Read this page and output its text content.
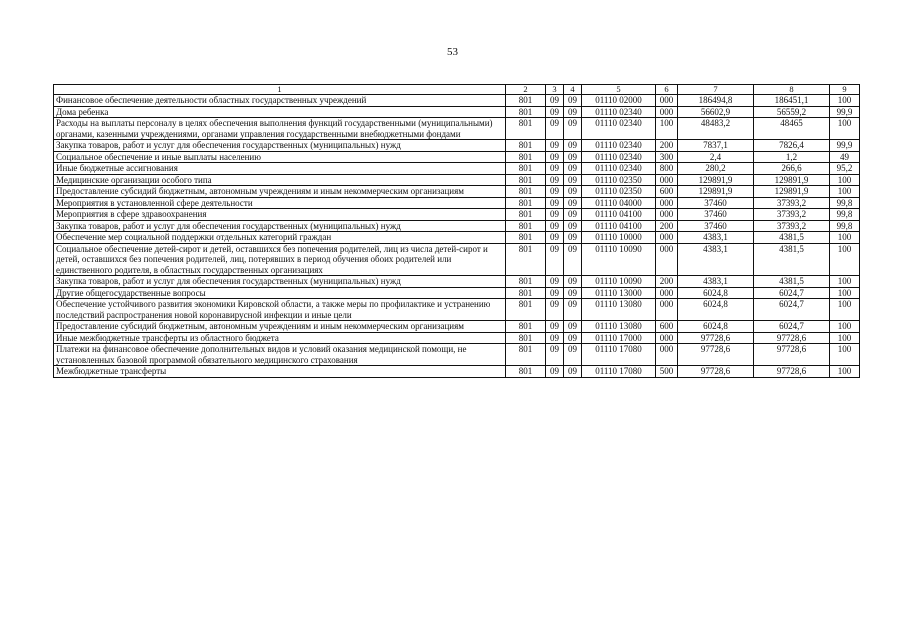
53
1	2	3	4	5	6	7	8	9
Финансовое обеспечение деятельности областных государственных учреждений	801	09	09	01110 02000	000	186494,8	186451,1	100
Дома ребенка	801	09	09	01110 02340	000	56602,9	56559,2	99,9
Расходы на выплаты персоналу в целях обеспечения выполнения функций государственными (муниципальными) органами, казенными учреждениями, органами управления государственными внебюджетными фондами	801	09	09	01110 02340	100	48483,2	48465	100
Закупка товаров, работ и услуг для обеспечения государственных (муниципальных) нужд	801	09	09	01110 02340	200	7837,1	7826,4	99,9
Социальное обеспечение и иные выплаты населению	801	09	09	01110 02340	300	2,4	1,2	49
Иные бюджетные ассигнования	801	09	09	01110 02340	800	280,2	266,6	95,2
Медицинские организации особого типа	801	09	09	01110 02350	000	129891,9	129891,9	100
Предоставление субсидий бюджетным, автономным учреждениям и иным некоммерческим организациям	801	09	09	01110 02350	600	129891,9	129891,9	100
Мероприятия в установленной сфере деятельности	801	09	09	01110 04000	000	37460	37393,2	99,8
Мероприятия в сфере здравоохранения	801	09	09	01110 04100	000	37460	37393,2	99,8
Закупка товаров, работ и услуг для обеспечения государственных (муниципальных) нужд	801	09	09	01110 04100	200	37460	37393,2	99,8
Обеспечение мер социальной поддержки отдельных категорий граждан	801	09	09	01110 10000	000	4383,1	4381,5	100
Социальное обеспечение детей-сирот и детей, оставшихся без попечения родителей, лиц из числа детей-сирот и детей, оставшихся без попечения родителей, лиц, потерявших в период обучения обоих родителей или единственного родителя, в областных государственных организациях	801	09	09	01110 10090	000	4383,1	4381,5	100
Закупка товаров, работ и услуг для обеспечения государственных (муниципальных) нужд	801	09	09	01110 10090	200	4383,1	4381,5	100
Другие общегосударственные вопросы	801	09	09	01110 13000	000	6024,8	6024,7	100
Обеспечение устойчивого развития экономики Кировской области, а также меры по профилактике и устранению последствий распространения новой коронавирусной инфекции и иные цели	801	09	09	01110 13080	000	6024,8	6024,7	100
Предоставление субсидий бюджетным, автономным учреждениям и иным некоммерческим организациям	801	09	09	01110 13080	600	6024,8	6024,7	100
Иные межбюджетные трансферты из областного бюджета	801	09	09	01110 17000	000	97728,6	97728,6	100
Платежи на финансовое обеспечение дополнительных видов и условий оказания медицинской помощи, не установленных базовой программой обязательного медицинского страхования	801	09	09	01110 17080	000	97728,6	97728,6	100
Межбюджетные трансферты	801	09	09	01110 17080	500	97728,6	97728,6	100
